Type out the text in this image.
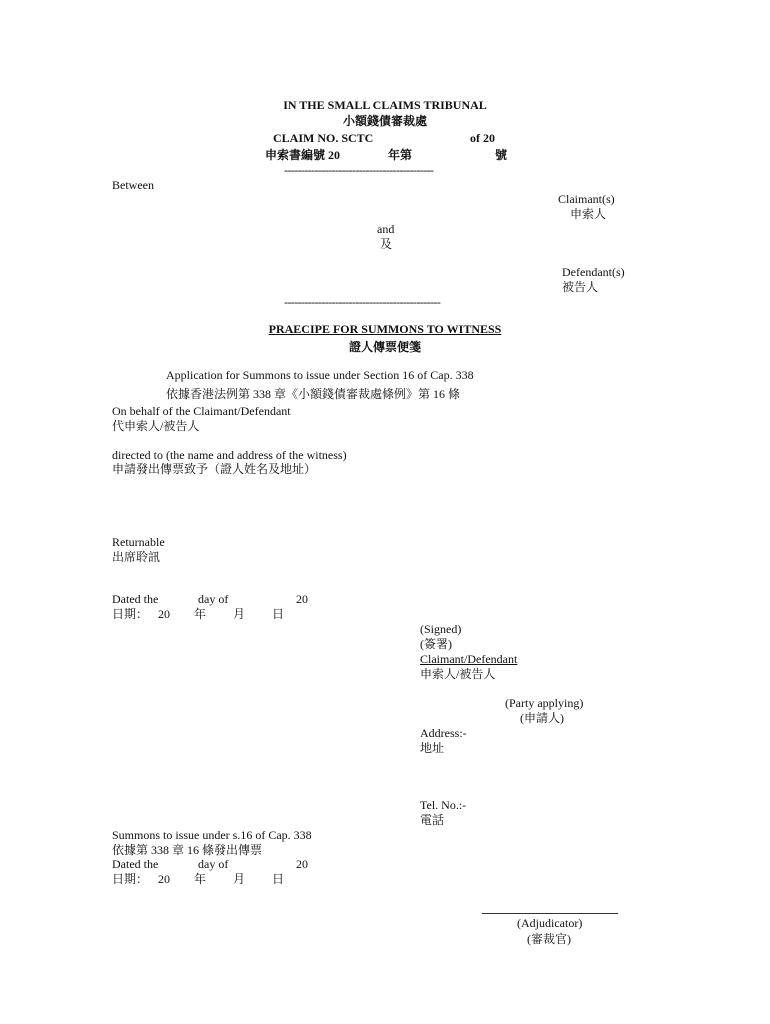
IN THE SMALL CLAIMS TRIBUNAL
小額錢債審裁處
CLAIM NO. SCTC	of 20
申索書編號 20	年第	號
--------------------------------------------
Between
Claimant(s)
申索人
and
及
Defendant(s)
被告人
----------------------------------------------
PRAECIPE FOR SUMMONS TO WITNESS
證人傳票便箋
Application for Summons to issue under Section 16 of Cap. 338
依據香港法例第 338 章《小額錢債審裁處條例》第 16 條
On behalf of the Claimant/Defendant
代申索人/被告人
directed to (the name and address of the witness)
申請發出傳票致予（證人姓名及地址）
Returnable
出席聆訊
Dated the	day of	20
日期： 20 年 月 日
(Signed)
(簽署)
Claimant/Defendant
申索人/被告人
(Party applying)
(申請人)
Address:-
地址
Tel. No.:-
電話
Summons to issue under s.16 of Cap. 338
依據第 338 章 16 條發出傳票
Dated the	day of	20
日期： 20 年 月 日
(Adjudicator)
(審裁官)
